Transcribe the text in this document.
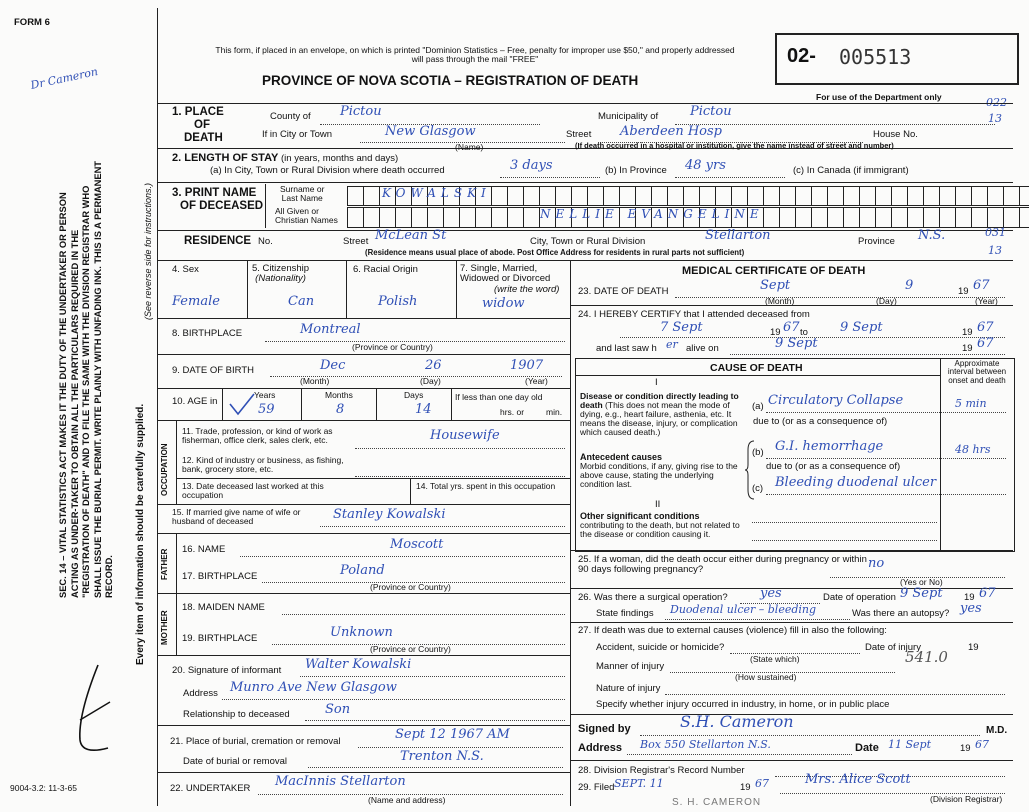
FORM 6
Dr Cameron
This form, if placed in an envelope, on which is printed "Dominion Statistics – Free, penalty for improper use $50," and properly addressed will pass through the mail "FREE"
PROVINCE OF NOVA SCOTIA – REGISTRATION OF DEATH
02- 005513
For use of the Department only	022
13
SEC. 14 – VITAL STATISTICS ACT MAKES IT THE DUTY OF THE UNDERTAKER OR PERSON ACTING AS UNDER-TAKER TO OBTAIN ALL THE PARTICULARS REQUIRED IN THE "REGISTRATION OF DEATH" AND TO FILE THE SAME WITH THE DIVISION REGISTRAR WHO SHALL ISSUE THE BURIAL PERMIT. WRITE PLAINLY WITH UNFADING INK. THIS IS A PERMANENT RECORD. Every item of information should be carefully supplied.
(See reverse side for instructions.)
1. PLACE
OF
DEATH
County of Pictou	Municipality of Pictou
If in City or Town	New Glasgow
(Name)
Street Aberdeen Hosp	House No.
(If death occurred in a hospital or institution, give the name instead of street and number)
2. LENGTH OF STAY (in years, months and days)
(a) In City, Town or Rural Division where death occurred	3 days	(b) In Province 48 yrs	(c) In Canada (if immigrant)
3. PRINT NAME
OF DECEASED
Surname or
Last Name
All Given or
Christian Names
KOWALSKI
NELLIE EVANGELINE
RESIDENCE No.	Street McLean St	City, Town or Rural Division	Stellarton	Province N.S.	031
13
(Residence means usual place of abode. Post Office Address for residents in rural parts not sufficient)
4. Sex
Female
5. Citizenship
(Nationality)
Can
6. Racial Origin
Polish
7. Single, Married,
Widowed or Divorced
(write the word)
widow
8. BIRTHPLACE	Montreal
(Province or Country)
9. DATE OF BIRTH	Dec	26	1907
(Month)	(Day)	(Year)
10. AGE in
Years
59
Months
8
Days
14
If less than one day old
hrs. or	min.
OCCUPATION
11. Trade, profession, or kind of work as fisherman, office clerk, sales clerk, etc.	Housewife
12. Kind of industry or business, as fishing, bank, grocery store, etc.
13. Date deceased last worked at this occupation
14. Total yrs. spent in this occupation
15. If married give name of wife or husband of deceased	Stanley Kowalski
FATHER 16. NAME	Moscott
17. BIRTHPLACE	Poland
(Province or Country)
MOTHER
18. MAIDEN NAME
19. BIRTHPLACE	Unknown
(Province or Country)
20. Signature of informant Walter Kowalski
Address Munro Ave New Glasgow
Relationship to deceased	Son
21. Place of burial, cremation or removal	Sept 12 1967 AM
Date of burial or removal	Trenton N.S.
22. UNDERTAKER MacInnis Stellarton
(Name and address)
9004-3.2: 11-3-65
MEDICAL CERTIFICATE OF DEATH
23. DATE OF DEATH	Sept	9	19 67
(Month)	(Day)	(Year)
24. I HEREBY CERTIFY that I attended deceased from
7 Sept	19 67 to 9 Sept	19 67
and last saw h er alive on	9 Sept	19 67
CAUSE OF DEATH	Approximate interval between onset and death
I
Disease or condition directly leading to death (This does not mean the mode of dying, e.g., heart failure, asthenia, etc. It means the disease, injury, or complication which caused death.)
(a) Circulatory Collapse	5 min
due to (or as a consequence of)
Antecedent causes
Morbid conditions, if any, giving rise to the above cause, stating the underlying condition last.
(b) G.I. hemorrhage	48 hrs
due to (or as a consequence of)
(c) Bleeding duodenal ulcer
II
Other significant conditions
contributing to the death, but not related to the disease or condition causing it.
25. If a woman, did the death occur either during pregnancy or within 90 days following pregnancy?	no
(Yes or No)
26. Was there a surgical operation? yes	Date of operation 9 Sept 19 67
State findings Duodenal ulcer – bleeding	Was there an autopsy? yes
27. If death was due to external causes (violence) fill in also the following:
Accident, suicide or homicide?
(State which)
Date of injury	19
541.0
Manner of injury
(How sustained)
Nature of injury
Specify whether injury occurred in industry, in home, or in public place
Signed by	S.H. Cameron	M.D.
Address Box 550 Stellarton N.S.	Date 11 Sept	19 67
28. Division Registrar's Record Number
29. Filed SEPT. 11	19 67	Mrs. Alice Scott
(Division Registrar)
S. H. CAMERON
